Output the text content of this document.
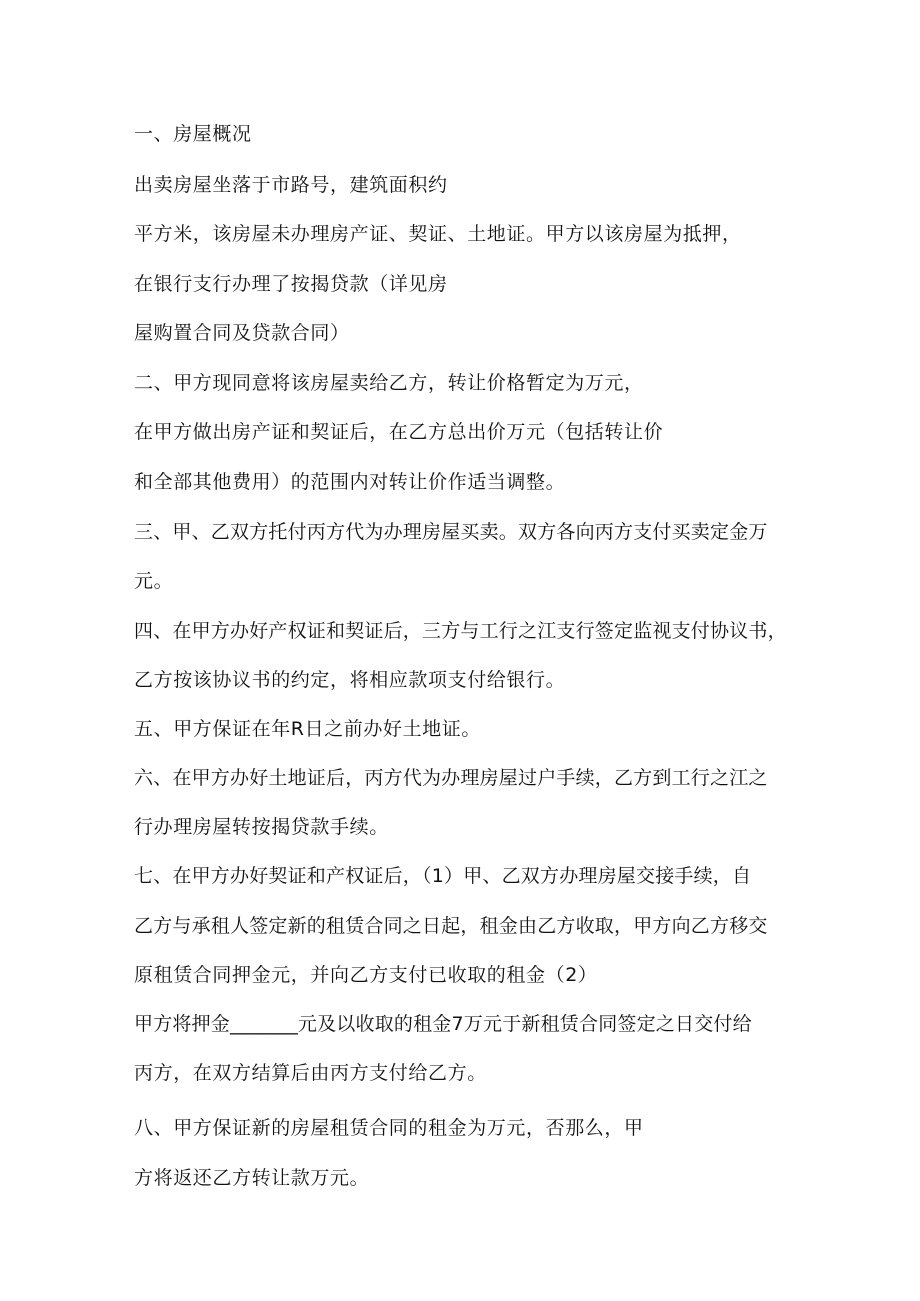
一、房屋概况
出卖房屋坐落于市路号，建筑面积约
平方米，该房屋未办理房产证、契证、土地证。甲方以该房屋为抵押，
在银行支行办理了按揭贷款（详见房
屋购置合同及贷款合同）
二、甲方现同意将该房屋卖给乙方，转让价格暂定为万元，
在甲方做出房产证和契证后，在乙方总出价万元（包括转让价
和全部其他费用）的范围内对转让价作适当调整。
三、甲、乙双方托付丙方代为办理房屋买卖。双方各向丙方支付买卖定金万
元。
四、在甲方办好产权证和契证后，三方与工行之江支行签定监视支付协议书，
乙方按该协议书的约定，将相应款项支付给银行。
五、甲方保证在年R日之前办好土地证。
六、在甲方办好土地证后，丙方代为办理房屋过户手续，乙方到工行之江之
行办理房屋转按揭贷款手续。
七、在甲方办好契证和产权证后，（1）甲、乙双方办理房屋交接手续，自
乙方与承租人签定新的租赁合同之日起，租金由乙方收取，甲方向乙方移交
原租赁合同押金元，并向乙方支付已收取的租金（2）
甲方将押金_______元及以收取的租金7万元于新租赁合同签定之日交付给
丙方，在双方结算后由丙方支付给乙方。
八、甲方保证新的房屋租赁合同的租金为万元，否那么，甲
方将返还乙方转让款万元。
